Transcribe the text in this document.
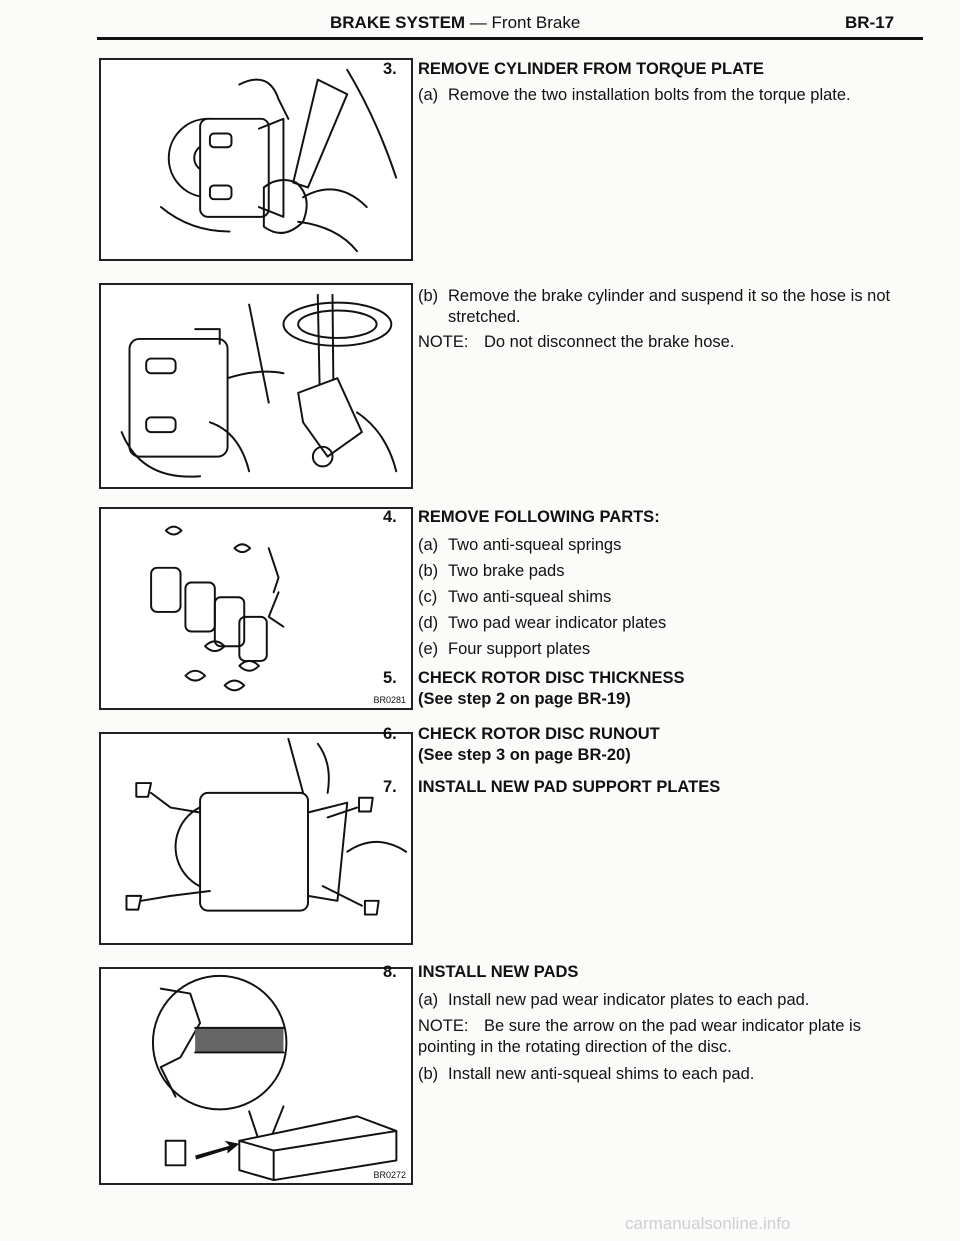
BRAKE SYSTEM — Front Brake	BR-17
BR0281
BR0272
3. REMOVE CYLINDER FROM TORQUE PLATE
(a) Remove the two installation bolts from the torque plate.
(b) Remove the brake cylinder and suspend it so the hose is not stretched.
NOTE: Do not disconnect the brake hose.
4. REMOVE FOLLOWING PARTS:
(a) Two anti-squeal springs
(b) Two brake pads
(c) Two anti-squeal shims
(d) Two pad wear indicator plates
(e) Four support plates
5. CHECK ROTOR DISC THICKNESS
(See step 2 on page BR-19)
6. CHECK ROTOR DISC RUNOUT
(See step 3 on page BR-20)
7. INSTALL NEW PAD SUPPORT PLATES
8. INSTALL NEW PADS
(a) Install new pad wear indicator plates to each pad.
NOTE: Be sure the arrow on the pad wear indicator plate is pointing in the rotating direction of the disc.
(b) Install new anti-squeal shims to each pad.
carmanualsonline.info
